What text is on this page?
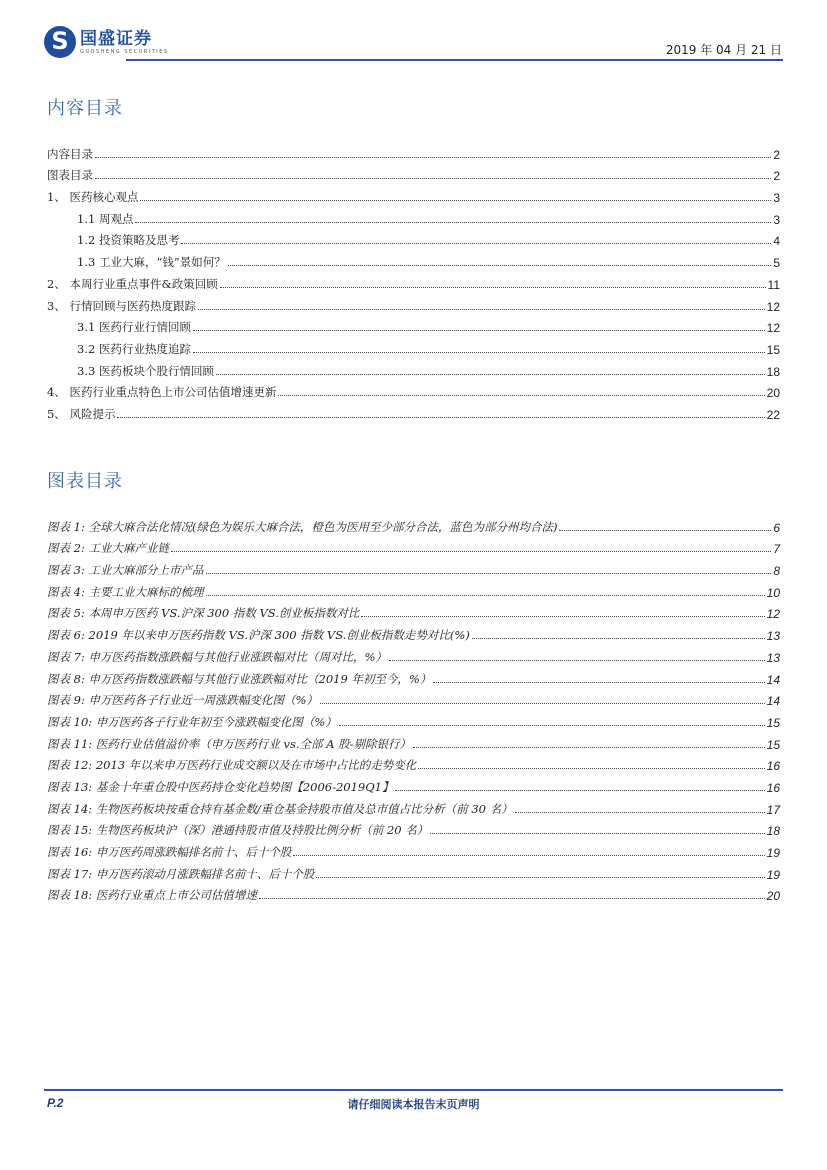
S
国盛证券
GUOSHENG SECURITIES	2019 年 04 月 21 日
内容目录
内容目录	2
图表目录	2
1、 医药核心观点	3
1.1 周观点	3
1.2 投资策略及思考	4
1.3 工业大麻，“钱”景如何？	5
2、 本周行业重点事件&政策回顾	11
3、 行情回顾与医药热度跟踪	12
3.1 医药行业行情回顾	12
3.2 医药行业热度追踪	15
3.3 医药板块个股行情回顾	18
4、 医药行业重点特色上市公司估值增速更新	20
5、 风险提示	22
图表目录
图表 1: 全球大麻合法化情况(绿色为娱乐大麻合法，橙色为医用至少部分合法，蓝色为部分州均合法)	6
图表 2: 工业大麻产业链	7
图表 3: 工业大麻部分上市产品	8
图表 4: 主要工业大麻标的梳理	10
图表 5: 本周申万医药 VS.沪深 300 指数 VS.创业板指数对比	12
图表 6: 2019 年以来申万医药指数 VS.沪深 300 指数 VS.创业板指数走势对比(%)	13
图表 7: 申万医药指数涨跌幅与其他行业涨跌幅对比（周对比，%）	13
图表 8: 申万医药指数涨跌幅与其他行业涨跌幅对比（2019 年初至今，%）	14
图表 9: 申万医药各子行业近一周涨跌幅变化图（%）	14
图表 10: 申万医药各子行业年初至今涨跌幅变化图（%）	15
图表 11: 医药行业估值溢价率（申万医药行业 vs.全部 A 股-剔除银行）	15
图表 12: 2013 年以来申万医药行业成交额以及在市场中占比的走势变化	16
图表 13: 基金十年重仓股中医药持仓变化趋势图【2006-2019Q1】	16
图表 14: 生物医药板块按重仓持有基金数/重仓基金持股市值及总市值占比分析（前 30 名）	17
图表 15: 生物医药板块沪（深）港通持股市值及持股比例分析（前 20 名）	18
图表 16: 申万医药周涨跌幅排名前十、后十个股	19
图表 17: 申万医药滚动月涨跌幅排名前十、后十个股	19
图表 18: 医药行业重点上市公司估值增速	20
P.2	请仔细阅读本报告末页声明
